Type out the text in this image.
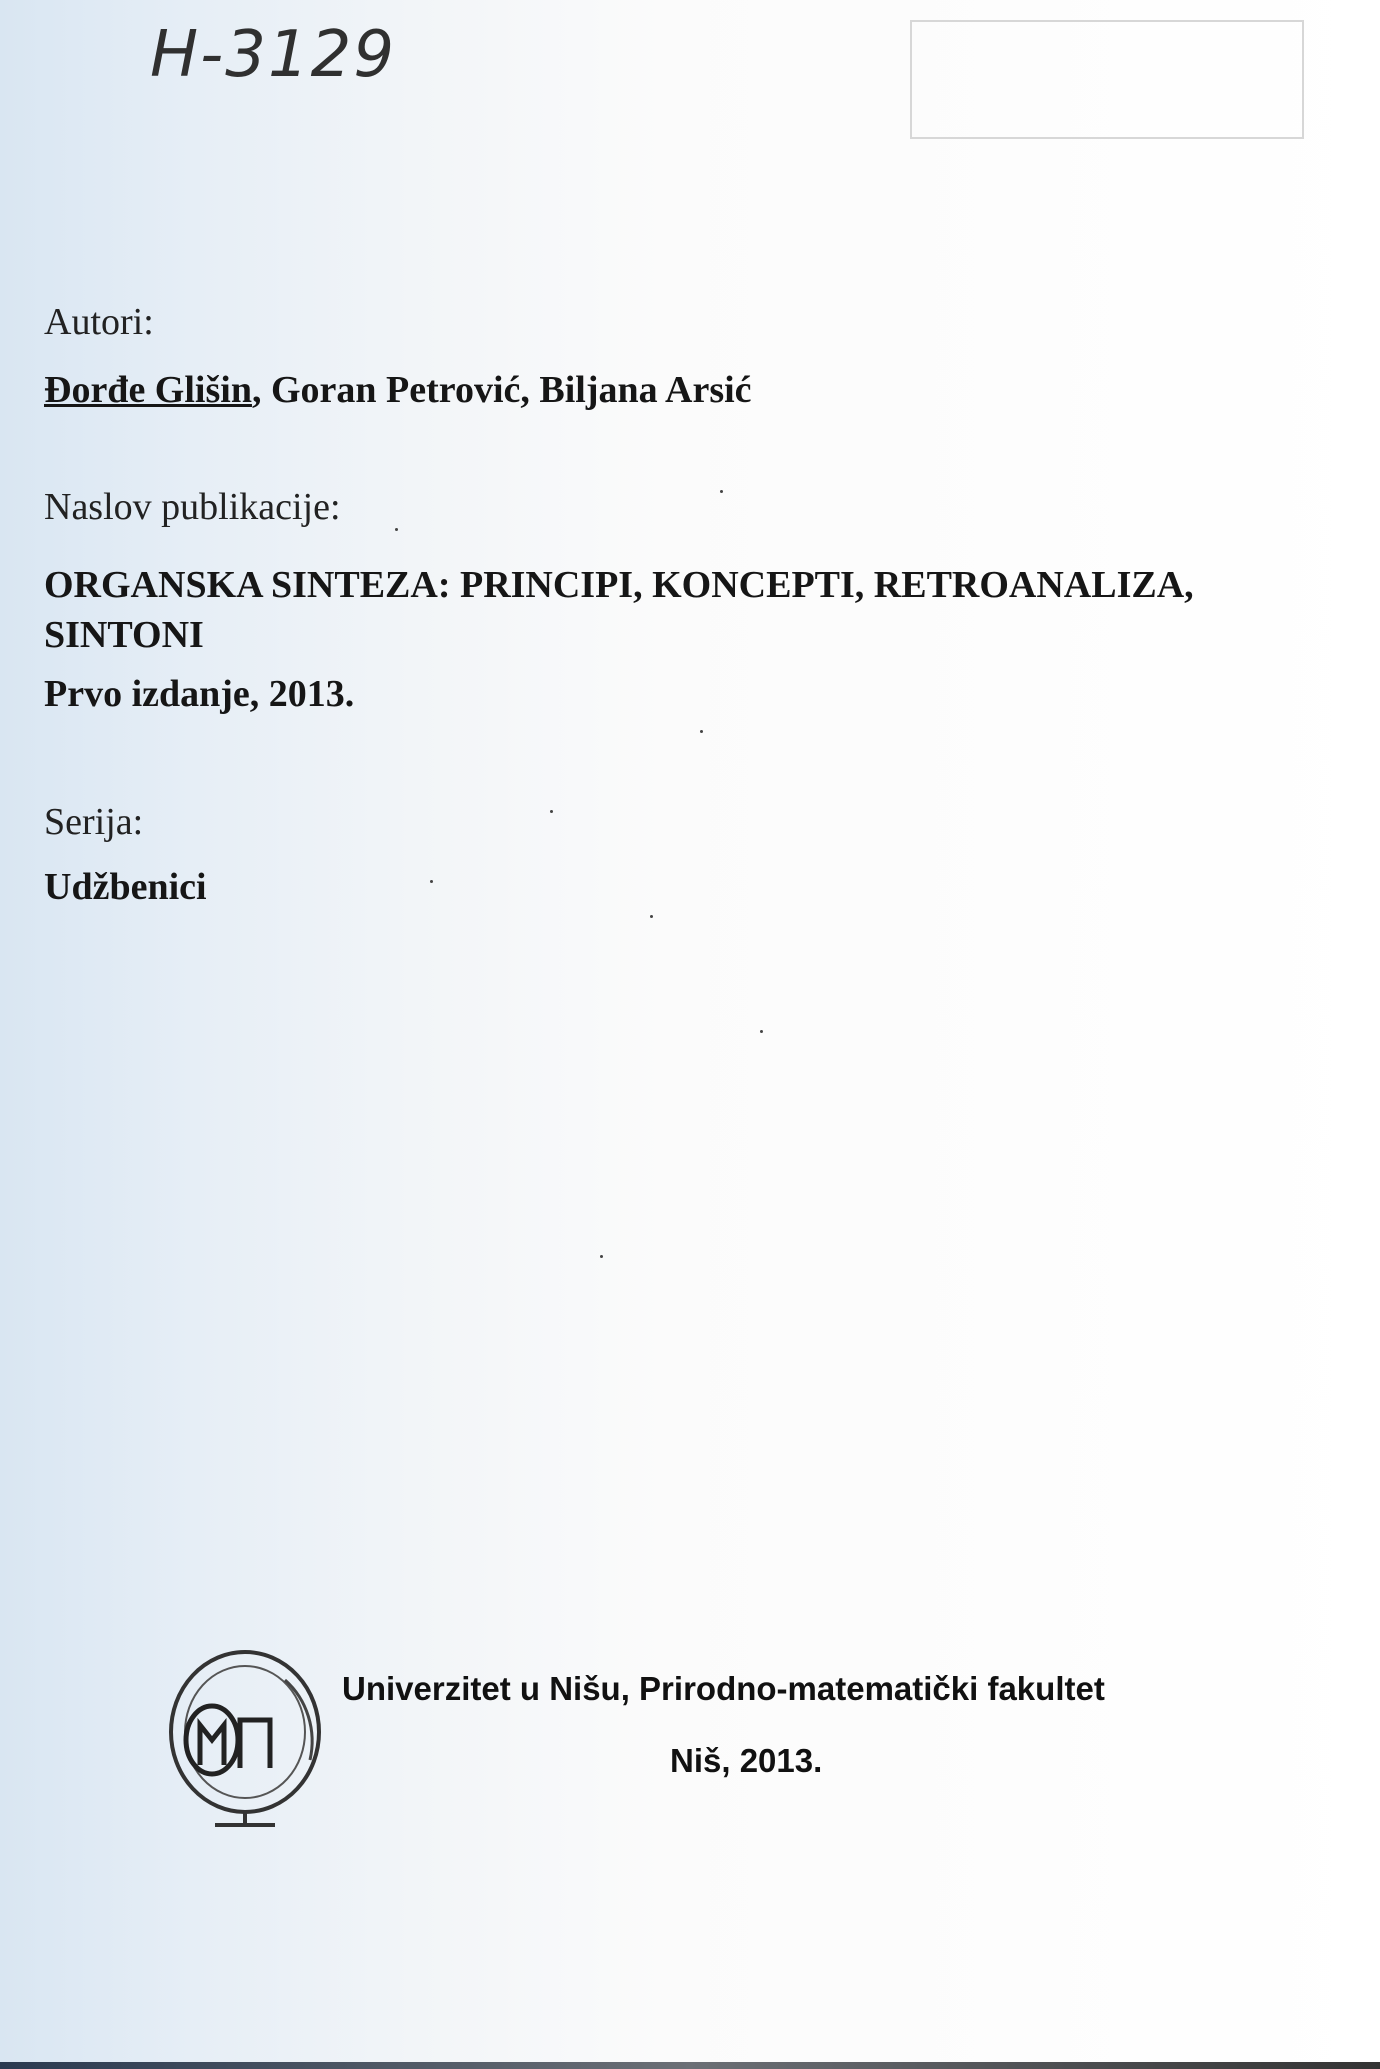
H-3129
Autori:
Đorđe Glišin, Goran Petrović, Biljana Arsić
Naslov publikacije:
ORGANSKA SINTEZA: PRINCIPI, KONCEPTI, RETROANALIZA, SINTONI
Prvo izdanje, 2013.
Serija:
Udžbenici
Univerzitet u Nišu, Prirodno-matematički fakultet
Niš, 2013.
